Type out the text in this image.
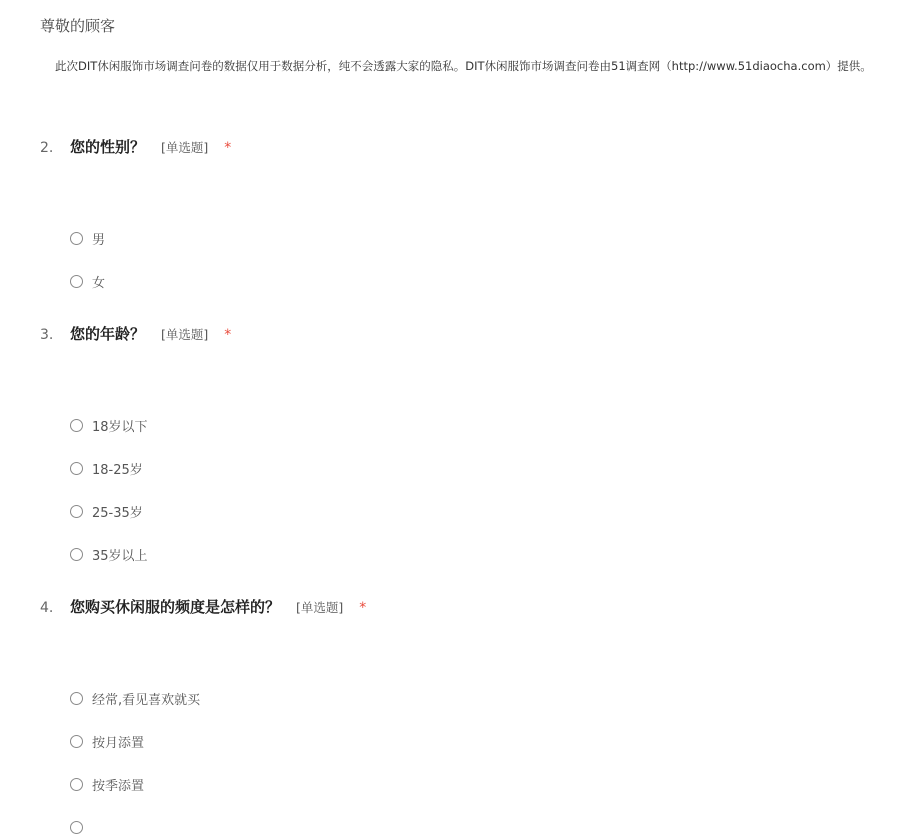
尊敬的顾客
此次DIT休闲服饰市场调查问卷的数据仅用于数据分析，纯不会透露大家的隐私。DIT休闲服饰市场调查问卷由51调查网（http://www.51diaocha.com）提供。
2.	您的性别？ [单选题] *
男
女
3.	您的年龄？ [单选题] *
18岁以下
18-25岁
25-35岁
35岁以上
4.	您购买休闲服的频度是怎样的？ [单选题] *
经常,看见喜欢就买
按月添置
按季添置
